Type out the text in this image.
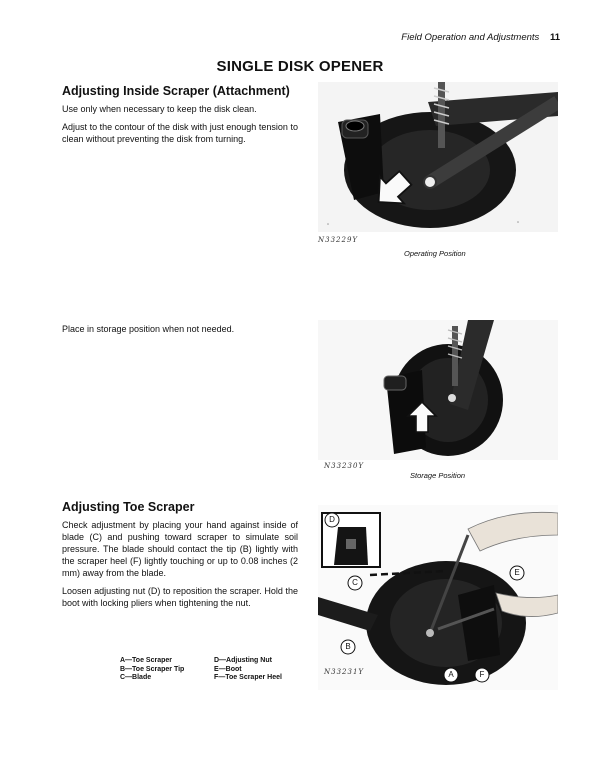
Field Operation and Adjustments 11
SINGLE DISK OPENER
Adjusting Inside Scraper (Attachment)
Use only when necessary to keep the disk clean.
Adjust to the contour of the disk with just enough tension to clean without preventing the disk from turning.
N33229Y
Operating Position
Place in storage position when not needed.
N33230Y
Storage Position
Adjusting Toe Scraper
Check adjustment by placing your hand against inside of blade (C) and pushing toward scraper to simulate soil pressure. The blade should contact the tip (B) lightly with the scraper heel (F) lightly touching or up to 0.08 inches (2 mm) away from the blade.
Loosen adjusting nut (D) to reposition the scraper. Hold the boot with locking pliers when tightening the nut.
A—Toe Scraper
B—Toe Scraper Tip
C—Blade
D—Adjusting Nut
E—Boot
F—Toe Scraper Heel
D
C
E
B
A	F
N33231Y
